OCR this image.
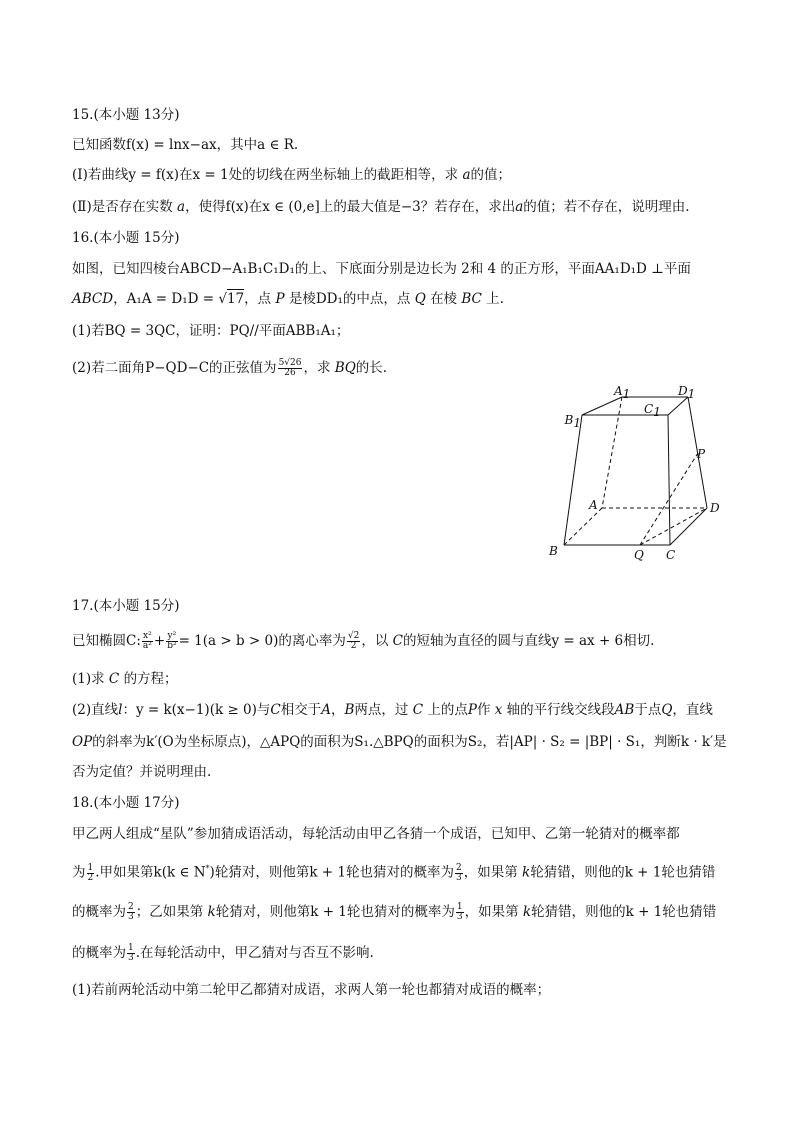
15.(本小题 13分)
已知函数f(x) = lnx−ax，其中a ∈ R.
(Ⅰ)若曲线y = f(x)在x = 1处的切线在两坐标轴上的截距相等，求 a的值；
(Ⅱ)是否存在实数 a，使得f(x)在x ∈ (0,e]上的最大值是−3？若存在，求出a的值；若不存在，说明理由.
16.(本小题 15分)
如图，已知四棱台ABCD−A₁B₁C₁D₁的上、下底面分别是边长为 2和 4 的正方形，平面AA₁D₁D ⊥平面
ABCD，A₁A = D₁D = √17，点 P 是棱DD₁的中点，点 Q 在棱 BC 上.
(1)若BQ = 3QC，证明：PQ//平面ABB₁A₁；
(2)若二面角P−QD−C的正弦值为 $\frac{5√26}{26}$ ，求 BQ的长.
A1	D1
B1
C1
P
A	D
B	Q C
17.(本小题 15分)
已知椭圆C: $\frac{\text{x²}}{\text{a²}} + \frac{\text{y²}}{\text{b²}} = 1(a > b > 0)$的离心率为 $\frac{√2}{2}$ ，以 C的短轴为直径的圆与直线y = ax + 6相切.
(1)求 C 的方程；
(2)直线l：y = k(x−1)(k ≥ 0)与C相交于A，B两点，过 C 上的点P作 x 轴的平行线交线段AB于点Q，直线
OP的斜率为k′(O为坐标原点)，△APQ的面积为S₁.△BPQ的面积为S₂，若|AP| · S₂ = |BP| · S₁，判断k · k′是
否为定值？并说明理由.
18.(本小题 17分)
甲乙两人组成“星队”参加猜成语活动，每轮活动由甲乙各猜一个成语，已知甲、乙第一轮猜对的概率都
为 $\frac{1}{2}$ .甲如果第k(k ∈ N*)轮猜对，则他第k + 1轮也猜对的概率为 $\frac{2}{3}$ ，如果第 k轮猜错，则他的k + 1轮也猜错
的概率为 $\frac{2}{3}$ ；乙如果第 k轮猜对，则他第k + 1轮也猜对的概率为 $\frac{1}{3}$ ，如果第 k轮猜错，则他的k + 1轮也猜错
的概率为 $\frac{1}{3}$ .在每轮活动中，甲乙猜对与否互不影响.
(1)若前两轮活动中第二轮甲乙都猜对成语，求两人第一轮也都猜对成语的概率；
